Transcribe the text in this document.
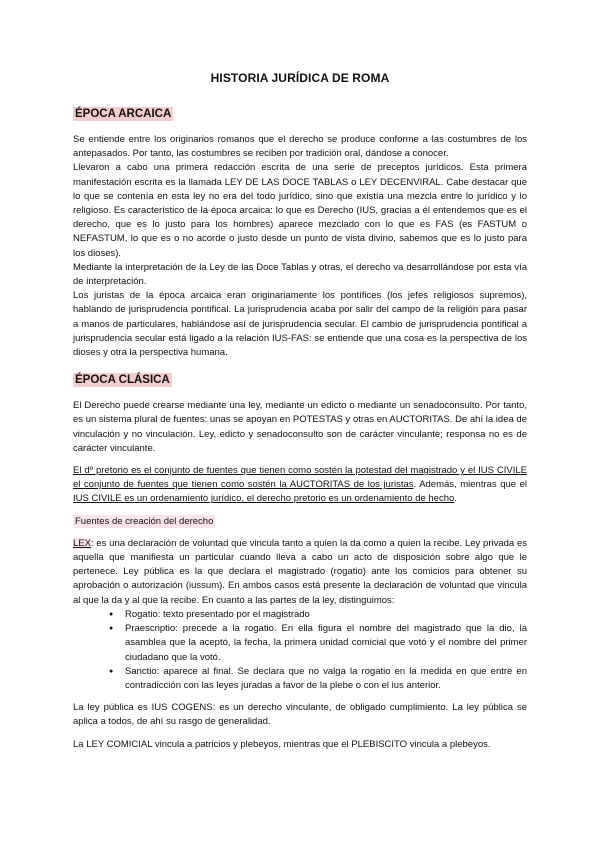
HISTORIA JURÍDICA DE ROMA
ÉPOCA ARCAICA

Se entiende entre los originarios romanos que el derecho se produce conforme a las costumbres de los antepasados. Por tanto, las costumbres se reciben por tradición oral, dándose a conocer.

Llevaron a cabo una primera redacción escrita de una serie de preceptos jurídicos. Esta primera manifestación escrita es la llamada LEY DE LAS DOCE TABLAS o LEY DECENVIRAL. Cabe destacar que lo que se contenía en esta ley no era del todo jurídico, sino que existía una mezcla entre lo jurídico y lo religioso. Es característico de la época arcaica: lo que es Derecho (IUS, gracias a él entendemos que es el derecho, que es lo justo para los hombres) aparece mezclado con lo que es FAS (es FASTUM o NEFASTUM, lo que es o no acorde o justo desde un punto de vista divino, sabemos que es lo justo para los dioses).

Mediante la interpretación de la Ley de las Doce Tablas y otras, el derecho va desarrollándose por esta vía de interpretación.

Los juristas de la época arcaica eran originariamente los pontífices (los jefes religiosos supremos), hablando de jurisprudencia pontifical. La jurisprudencia acaba por salir del campo de la religión para pasar a manos de particulares, hablándose así de jurisprudencia secular. El cambio de jurisprudencia pontifical a jurisprudencia secular está ligado a la relación IUS-FAS: se entiende que una cosa es la perspectiva de los dioses y otra la perspectiva humana.

ÉPOCA CLÁSICA

El Derecho puede crearse mediante una ley, mediante un edicto o mediante un senadoconsulto. Por tanto, es un sistema plural de fuentes: unas se apoyan en POTESTAS y otras en AUCTORITAS. De ahí la idea de vinculación y no vinculación. Ley, edicto y senadoconsulto son de carácter vinculante; responsa no es de carácter vinculante.

El dº pretorio es el conjunto de fuentes que tienen como sostén la potestad del magistrado y el IUS CIVILE el conjunto de fuentes que tienen como sostén la AUCTORITAS de los juristas. Además, mientras que el IUS CIVILE es un ordenamiento jurídico, el derecho pretorio es un ordenamiento de hecho.

Fuentes de creación del derecho

LEX: es una declaración de voluntad que vincula tanto a quien la da como a quien la recibe. Ley privada es aquella que manifiesta un particular cuando lleva a cabo un acto de disposición sobre algo que le pertenece. Ley pública es la que declara el magistrado (rogatio) ante los comicios para obtener su aprobación o autorización (iussum). En ambos casos está presente la declaración de voluntad que vincula al que la da y al que la recibe. En cuanto a las partes de la ley, distinguimos:

● Rogatio: texto presentado por el magistrado
● Praescriptio: precede a la rogatio. En ella figura el nombre del magistrado que la dio, la asamblea que la aceptó, la fecha, la primera unidad comicial que votó y el nombre del primer ciudadano que la votó.
● Sanctio: aparece al final. Se declara que no valga la rogatio en la medida en que entre en contradicción con las leyes juradas a favor de la plebe o con el ius anterior.

La ley pública es IUS COGENS: es un derecho vinculante, de obligado cumplimiento. La ley pública se aplica a todos, de ahí su rasgo de generalidad.

La LEY COMICIAL vincula a patricios y plebeyos, mientras que el PLEBISCITO vincula a plebeyos.
